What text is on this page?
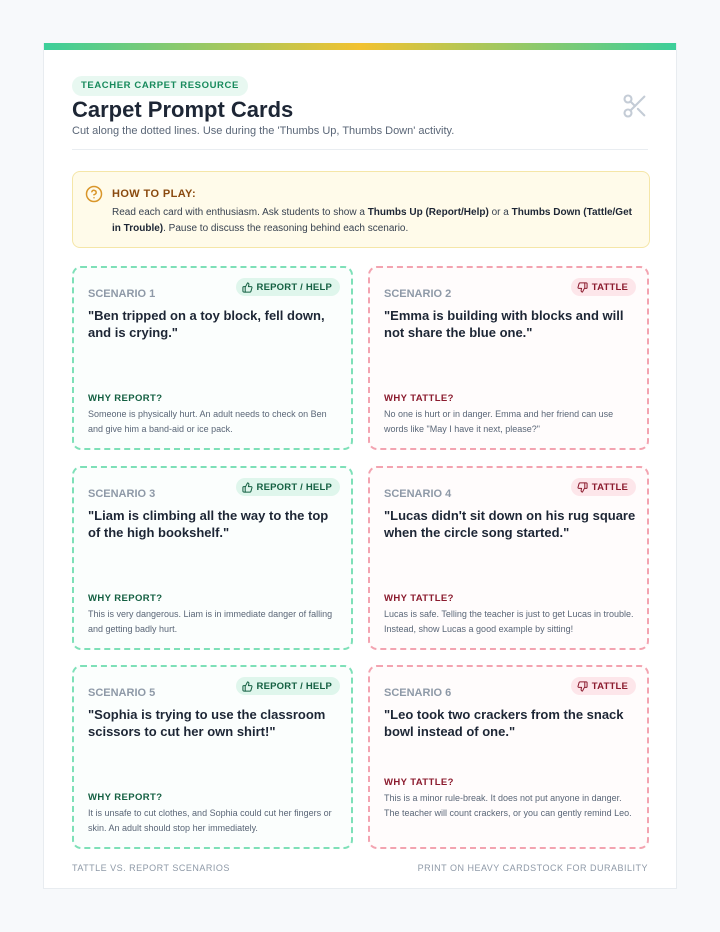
TEACHER CARPET RESOURCE
Carpet Prompt Cards
Cut along the dotted lines. Use during the 'Thumbs Up, Thumbs Down' activity.
HOW TO PLAY:
Read each card with enthusiasm. Ask students to show a Thumbs Up (Report/Help) or a Thumbs Down (Tattle/Get in Trouble). Pause to discuss the reasoning behind each scenario.
SCENARIO 1
REPORT / HELP
"Ben tripped on a toy block, fell down, and is crying."
WHY REPORT?
Someone is physically hurt. An adult needs to check on Ben and give him a band-aid or ice pack.
SCENARIO 2
TATTLE
"Emma is building with blocks and will not share the blue one."
WHY TATTLE?
No one is hurt or in danger. Emma and her friend can use words like "May I have it next, please?"
SCENARIO 3
REPORT / HELP
"Liam is climbing all the way to the top of the high bookshelf."
WHY REPORT?
This is very dangerous. Liam is in immediate danger of falling and getting badly hurt.
SCENARIO 4
TATTLE
"Lucas didn't sit down on his rug square when the circle song started."
WHY TATTLE?
Lucas is safe. Telling the teacher is just to get Lucas in trouble. Instead, show Lucas a good example by sitting!
SCENARIO 5
REPORT / HELP
"Sophia is trying to use the classroom scissors to cut her own shirt!"
WHY REPORT?
It is unsafe to cut clothes, and Sophia could cut her fingers or skin. An adult should stop her immediately.
SCENARIO 6
TATTLE
"Leo took two crackers from the snack bowl instead of one."
WHY TATTLE?
This is a minor rule-break. It does not put anyone in danger. The teacher will count crackers, or you can gently remind Leo.
TATTLE VS. REPORT SCENARIOS	PRINT ON HEAVY CARDSTOCK FOR DURABILITY
